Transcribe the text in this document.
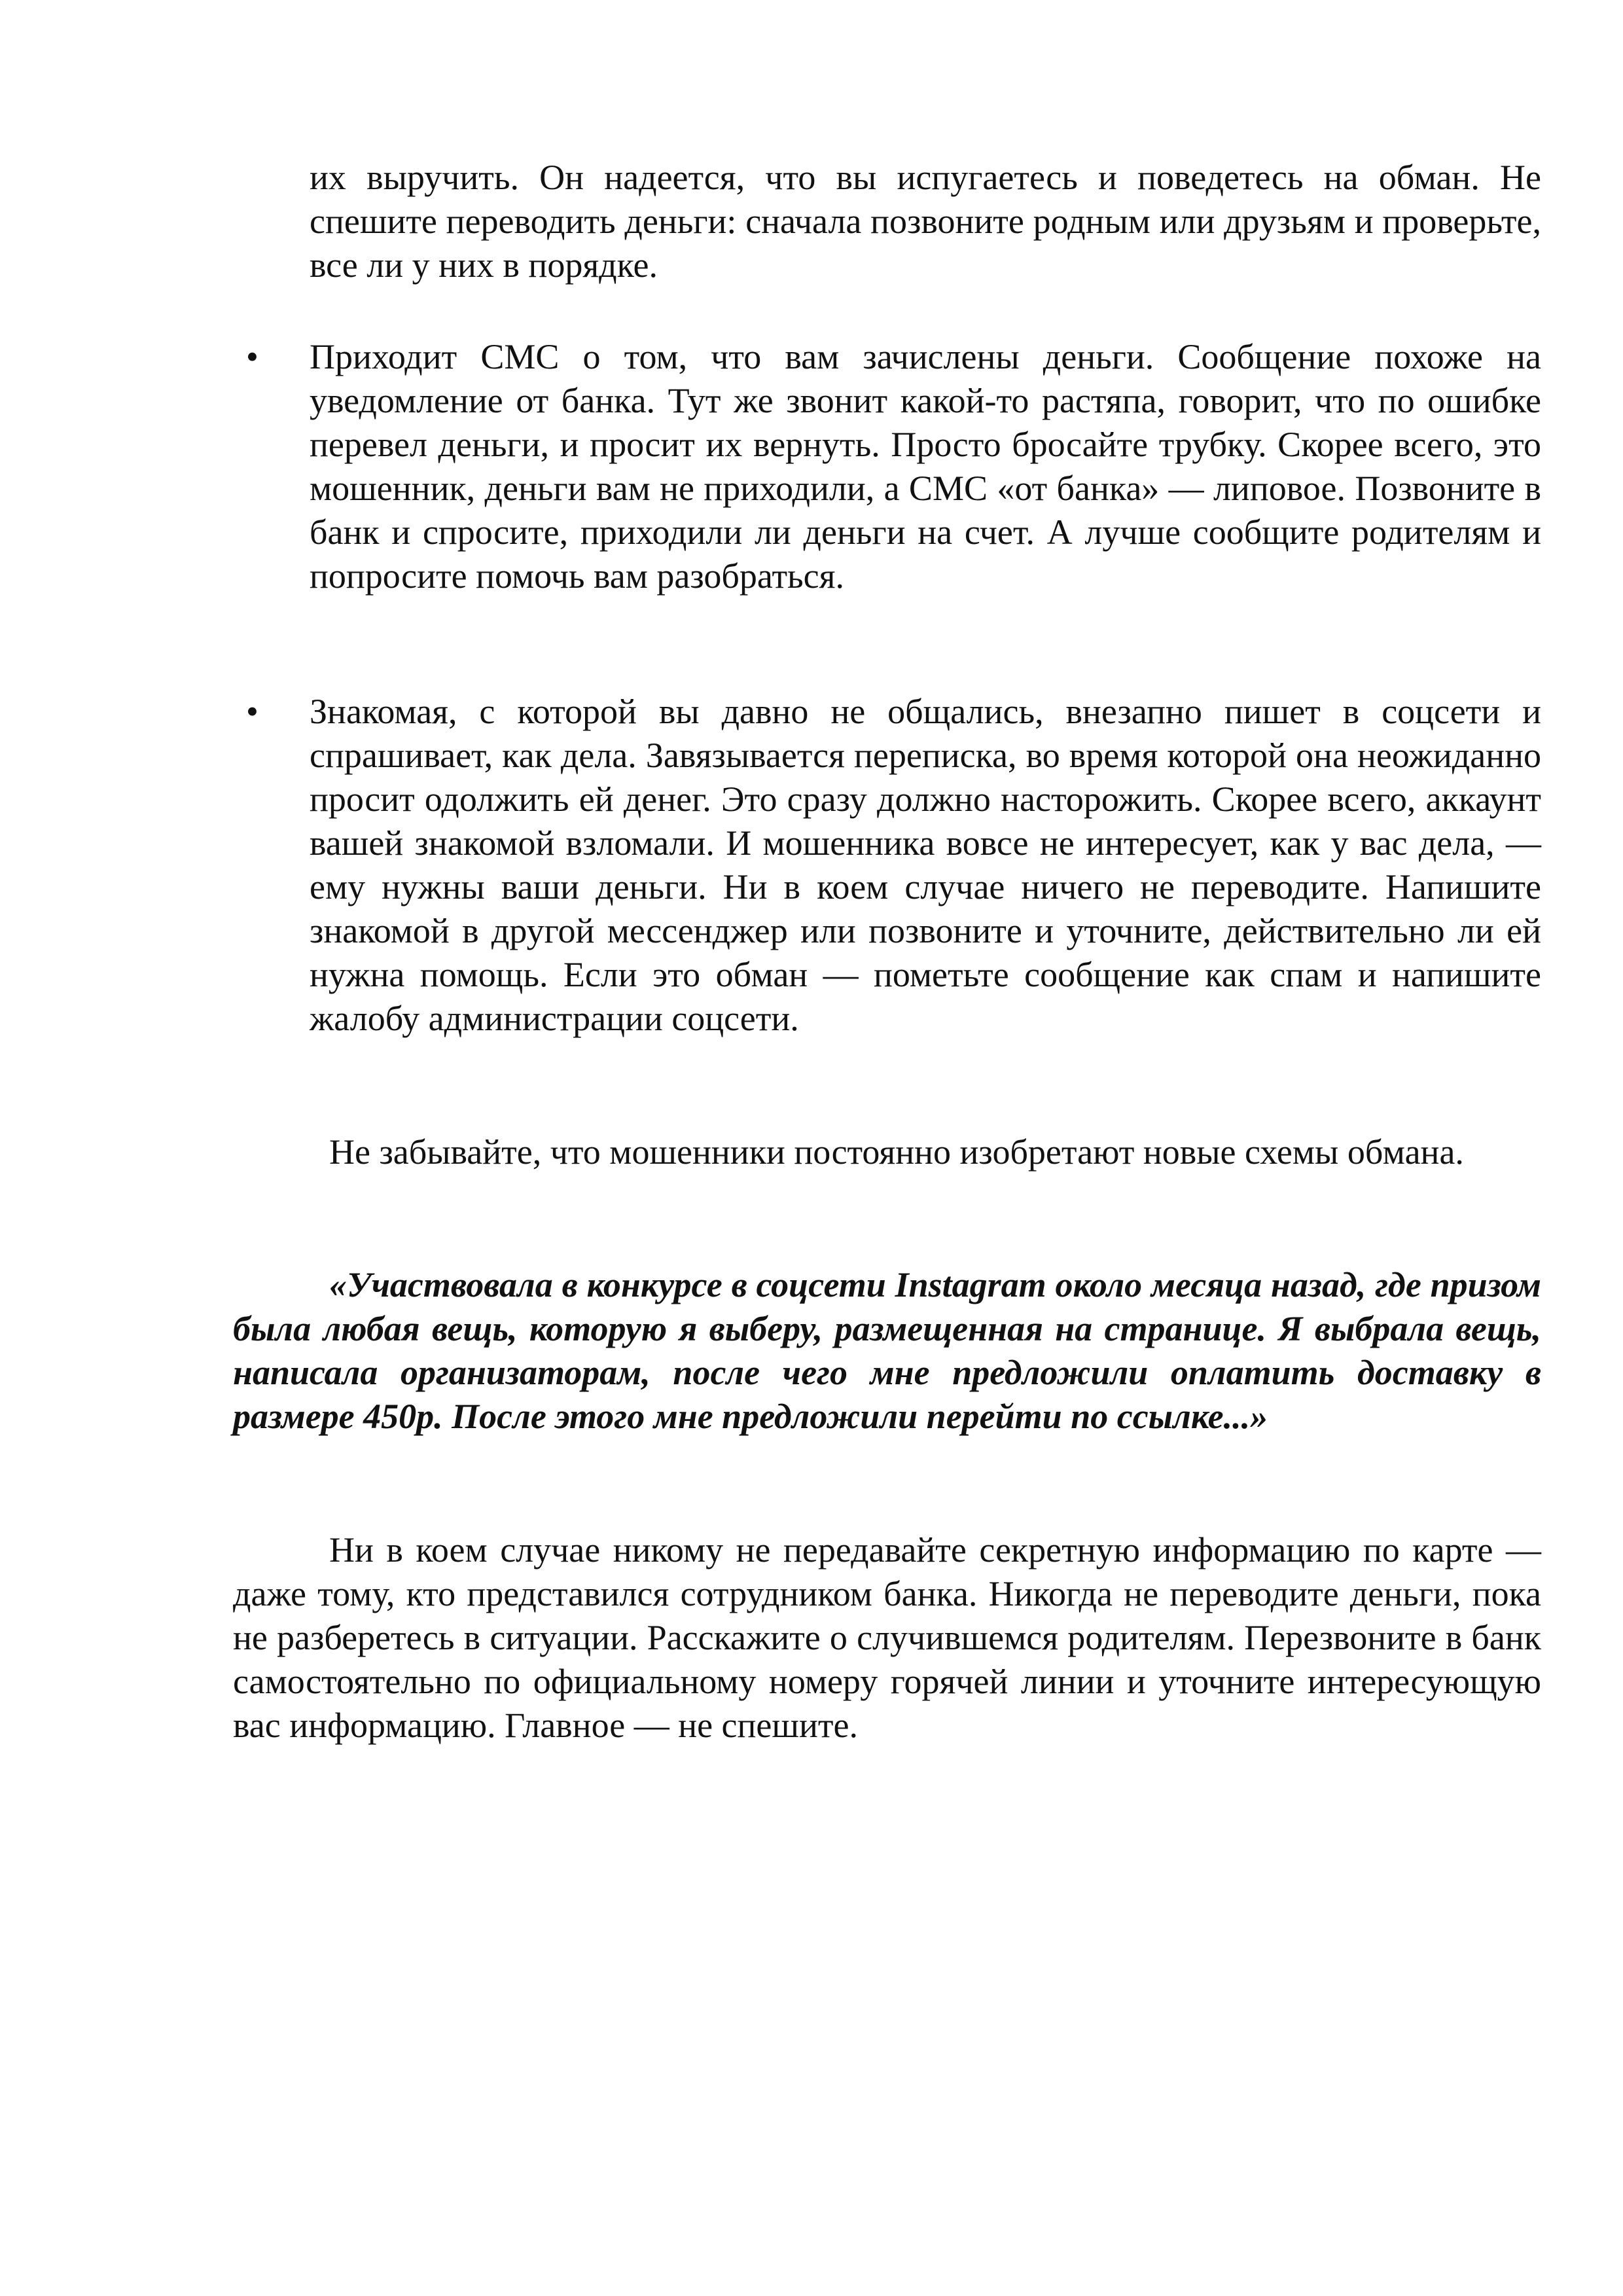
их выручить. Он надеется, что вы испугаетесь и поведетесь на обман. Не спешите переводить деньги: сначала позвоните родным или друзьям и проверьте, все ли у них в порядке.

• Приходит СМС о том, что вам зачислены деньги. Сообщение похоже на уведомление от банка. Тут же звонит какой-то растяпа, говорит, что по ошибке перевел деньги, и просит их вернуть. Просто бросайте трубку. Скорее всего, это мошенник, деньги вам не приходили, а СМС «от банка» — липовое. Позвоните в банк и спросите, приходили ли деньги на счет. А лучше сообщите родителям и попросите помочь вам разобраться.

• Знакомая, с которой вы давно не общались, внезапно пишет в соцсети и спрашивает, как дела. Завязывается переписка, во время которой она неожиданно просит одолжить ей денег. Это сразу должно насторожить. Скорее всего, аккаунт вашей знакомой взломали. И мошенника вовсе не интересует, как у вас дела, — ему нужны ваши деньги. Ни в коем случае ничего не переводите. Напишите знакомой в другой мессенджер или позвоните и уточните, действительно ли ей нужна помощь. Если это обман — пометьте сообщение как спам и напишите жалобу администрации соцсети.

Не забывайте, что мошенники постоянно изобретают новые схемы обмана.

«Участвовала в конкурсе в соцсети Instagram около месяца назад, где призом была любая вещь, которую я выберу, размещенная на странице. Я выбрала вещь, написала организаторам, после чего мне предложили оплатить доставку в размере 450р. После этого мне предложили перейти по ссылке...»

Ни в коем случае никому не передавайте секретную информацию по карте — даже тому, кто представился сотрудником банка. Никогда не переводите деньги, пока не разберетесь в ситуации. Расскажите о случившемся родителям. Перезвоните в банк самостоятельно по официальному номеру горячей линии и уточните интересующую вас информацию. Главное — не спешите.
